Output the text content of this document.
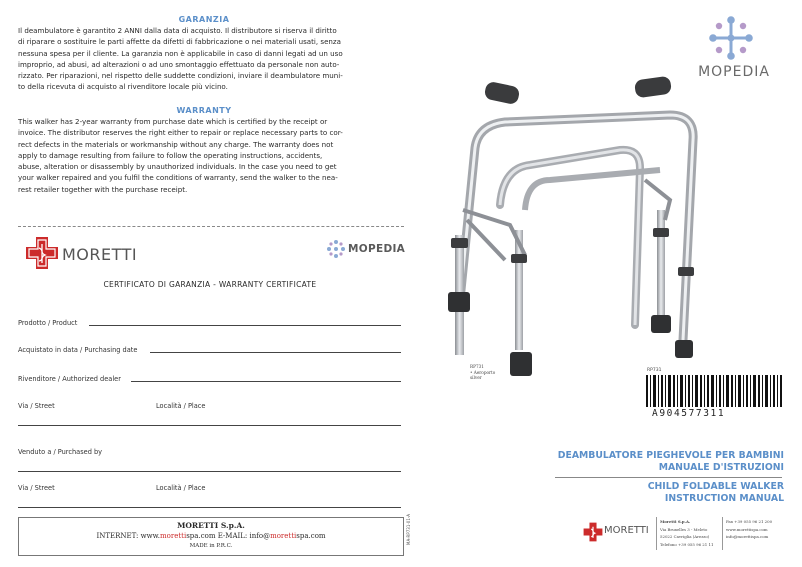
GARANZIA
Il deambulatore è garantito 2 ANNI dalla data di acquisto. Il distributore si riserva il diritto
di riparare o sostituire le parti affette da difetti di fabbricazione o nei materiali usati, senza
nessuna spesa per il cliente. La garanzia non è applicabile in caso di danni legati ad un uso
improprio, ad abusi, ad alterazioni o ad uno smontaggio effettuato da personale non auto-
rizzato. Per riparazioni, nel rispetto delle suddette condizioni, inviare il deambulatore muni-
to della ricevuta di acquisto al rivenditore locale più vicino.
WARRANTY
This walker has 2-year warranty from purchase date which is certified by the receipt or
invoice. The distributor reserves the right either to repair or replace necessary parts to cor-
rect defects in the materials or workmanship without any charge. The warranty does not
apply to damage resulting from failure to follow the operating instructions, accidents,
abuse, alteration or disassembly by unauthorized individuals. In the case you need to get
your walker repaired and you fulfil the conditions of warranty, send the walker to the nea-
rest retailer together with the purchase receipt.
MORETTI	MOPEDIA
CERTIFICATO DI GARANZIA - WARRANTY CERTIFICATE
Prodotto / Product
Acquistato in data / Purchasing date
Rivenditore / Authorized dealer
Via / Street	Località / Place
Venduto a / Purchased by
Via / Street	Località / Place
MORETTI S.p.A.
INTERNET: www.morettispa.com E-MAIL: info@morettispa.com
MADE in P.R.C.
MA-RP731-01-A
MOPEDIA
RP731
• Aeroporto
silver
RP731
A904577311
DEAMBULATORE PIEGHEVOLE PER BAMBINI
MANUALE D'ISTRUZIONI
CHILD FOLDABLE WALKER
INSTRUCTION MANUAL
MORETTI
Moretti S.p.A.
Via Bruxelles 3 - Meleto
52022 Cavriglia (Arezzo)
Telefono +39 055 96 21 11
Fax +39 055 96 21 200
www.morettispa.com
info@morettispa.com
